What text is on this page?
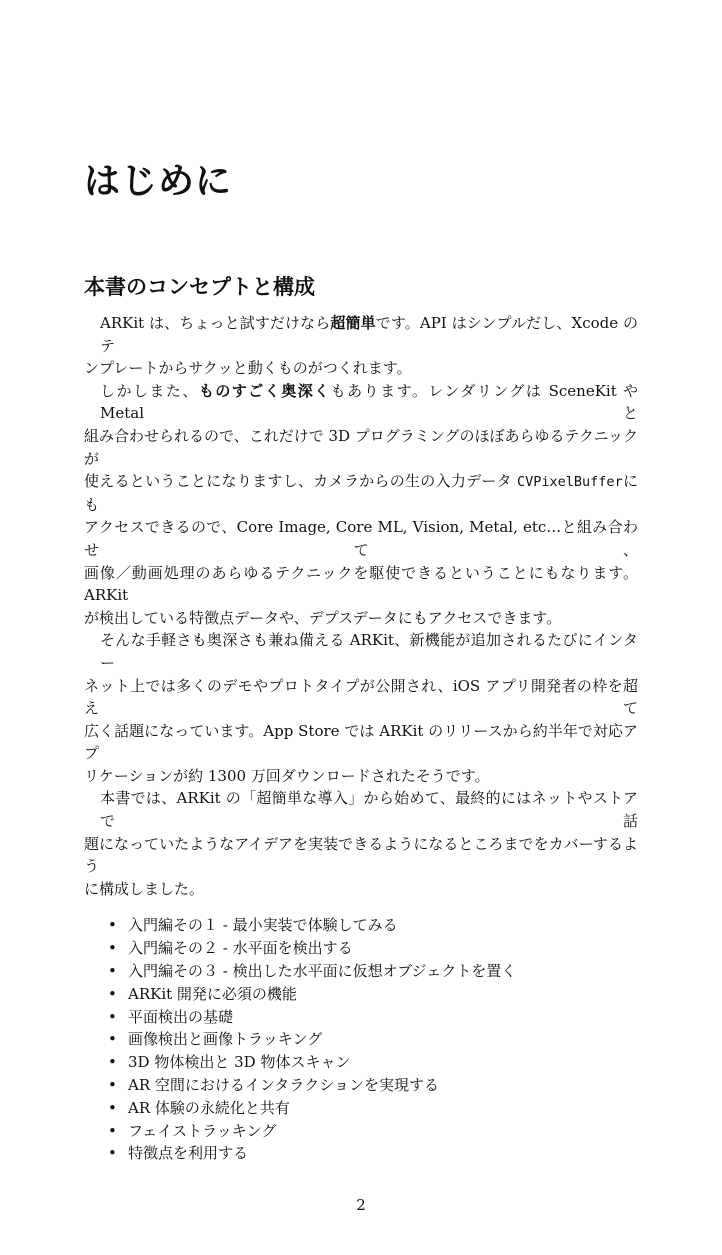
はじめに
本書のコンセプトと構成
ARKit は、ちょっと試すだけなら超簡単です。API はシンプルだし、Xcode のテ
ンプレートからサクッと動くものがつくれます。
しかしまた、ものすごく奥深くもあります。レンダリングは SceneKit や Metal と
組み合わせられるので、これだけで 3D プログラミングのほぼあらゆるテクニックが
使えるということになりますし、カメラからの生の入力データ CVPixelBufferにも
アクセスできるので、Core Image, Core ML, Vision, Metal, etc…と組み合わせて、
画像／動画処理のあらゆるテクニックを駆使できるということにもなります。ARKit
が検出している特徴点データや、デプスデータにもアクセスできます。
そんな手軽さも奥深さも兼ね備える ARKit、新機能が追加されるたびにインター
ネット上では多くのデモやプロトタイプが公開され、iOS アプリ開発者の枠を超えて
広く話題になっています。App Store では ARKit のリリースから約半年で対応アプ
リケーションが約 1300 万回ダウンロードされたそうです。
本書では、ARKit の「超簡単な導入」から始めて、最終的にはネットやストアで話
題になっていたようなアイデアを実装できるようになるところまでをカバーするよう
に構成しました。
• 入門編その１ - 最小実装で体験してみる
• 入門編その２ - 水平面を検出する
• 入門編その３ - 検出した水平面に仮想オブジェクトを置く
• ARKit 開発に必須の機能
• 平面検出の基礎
• 画像検出と画像トラッキング
• 3D 物体検出と 3D 物体スキャン
• AR 空間におけるインタラクションを実現する
• AR 体験の永続化と共有
• フェイストラッキング
• 特徴点を利用する
2
